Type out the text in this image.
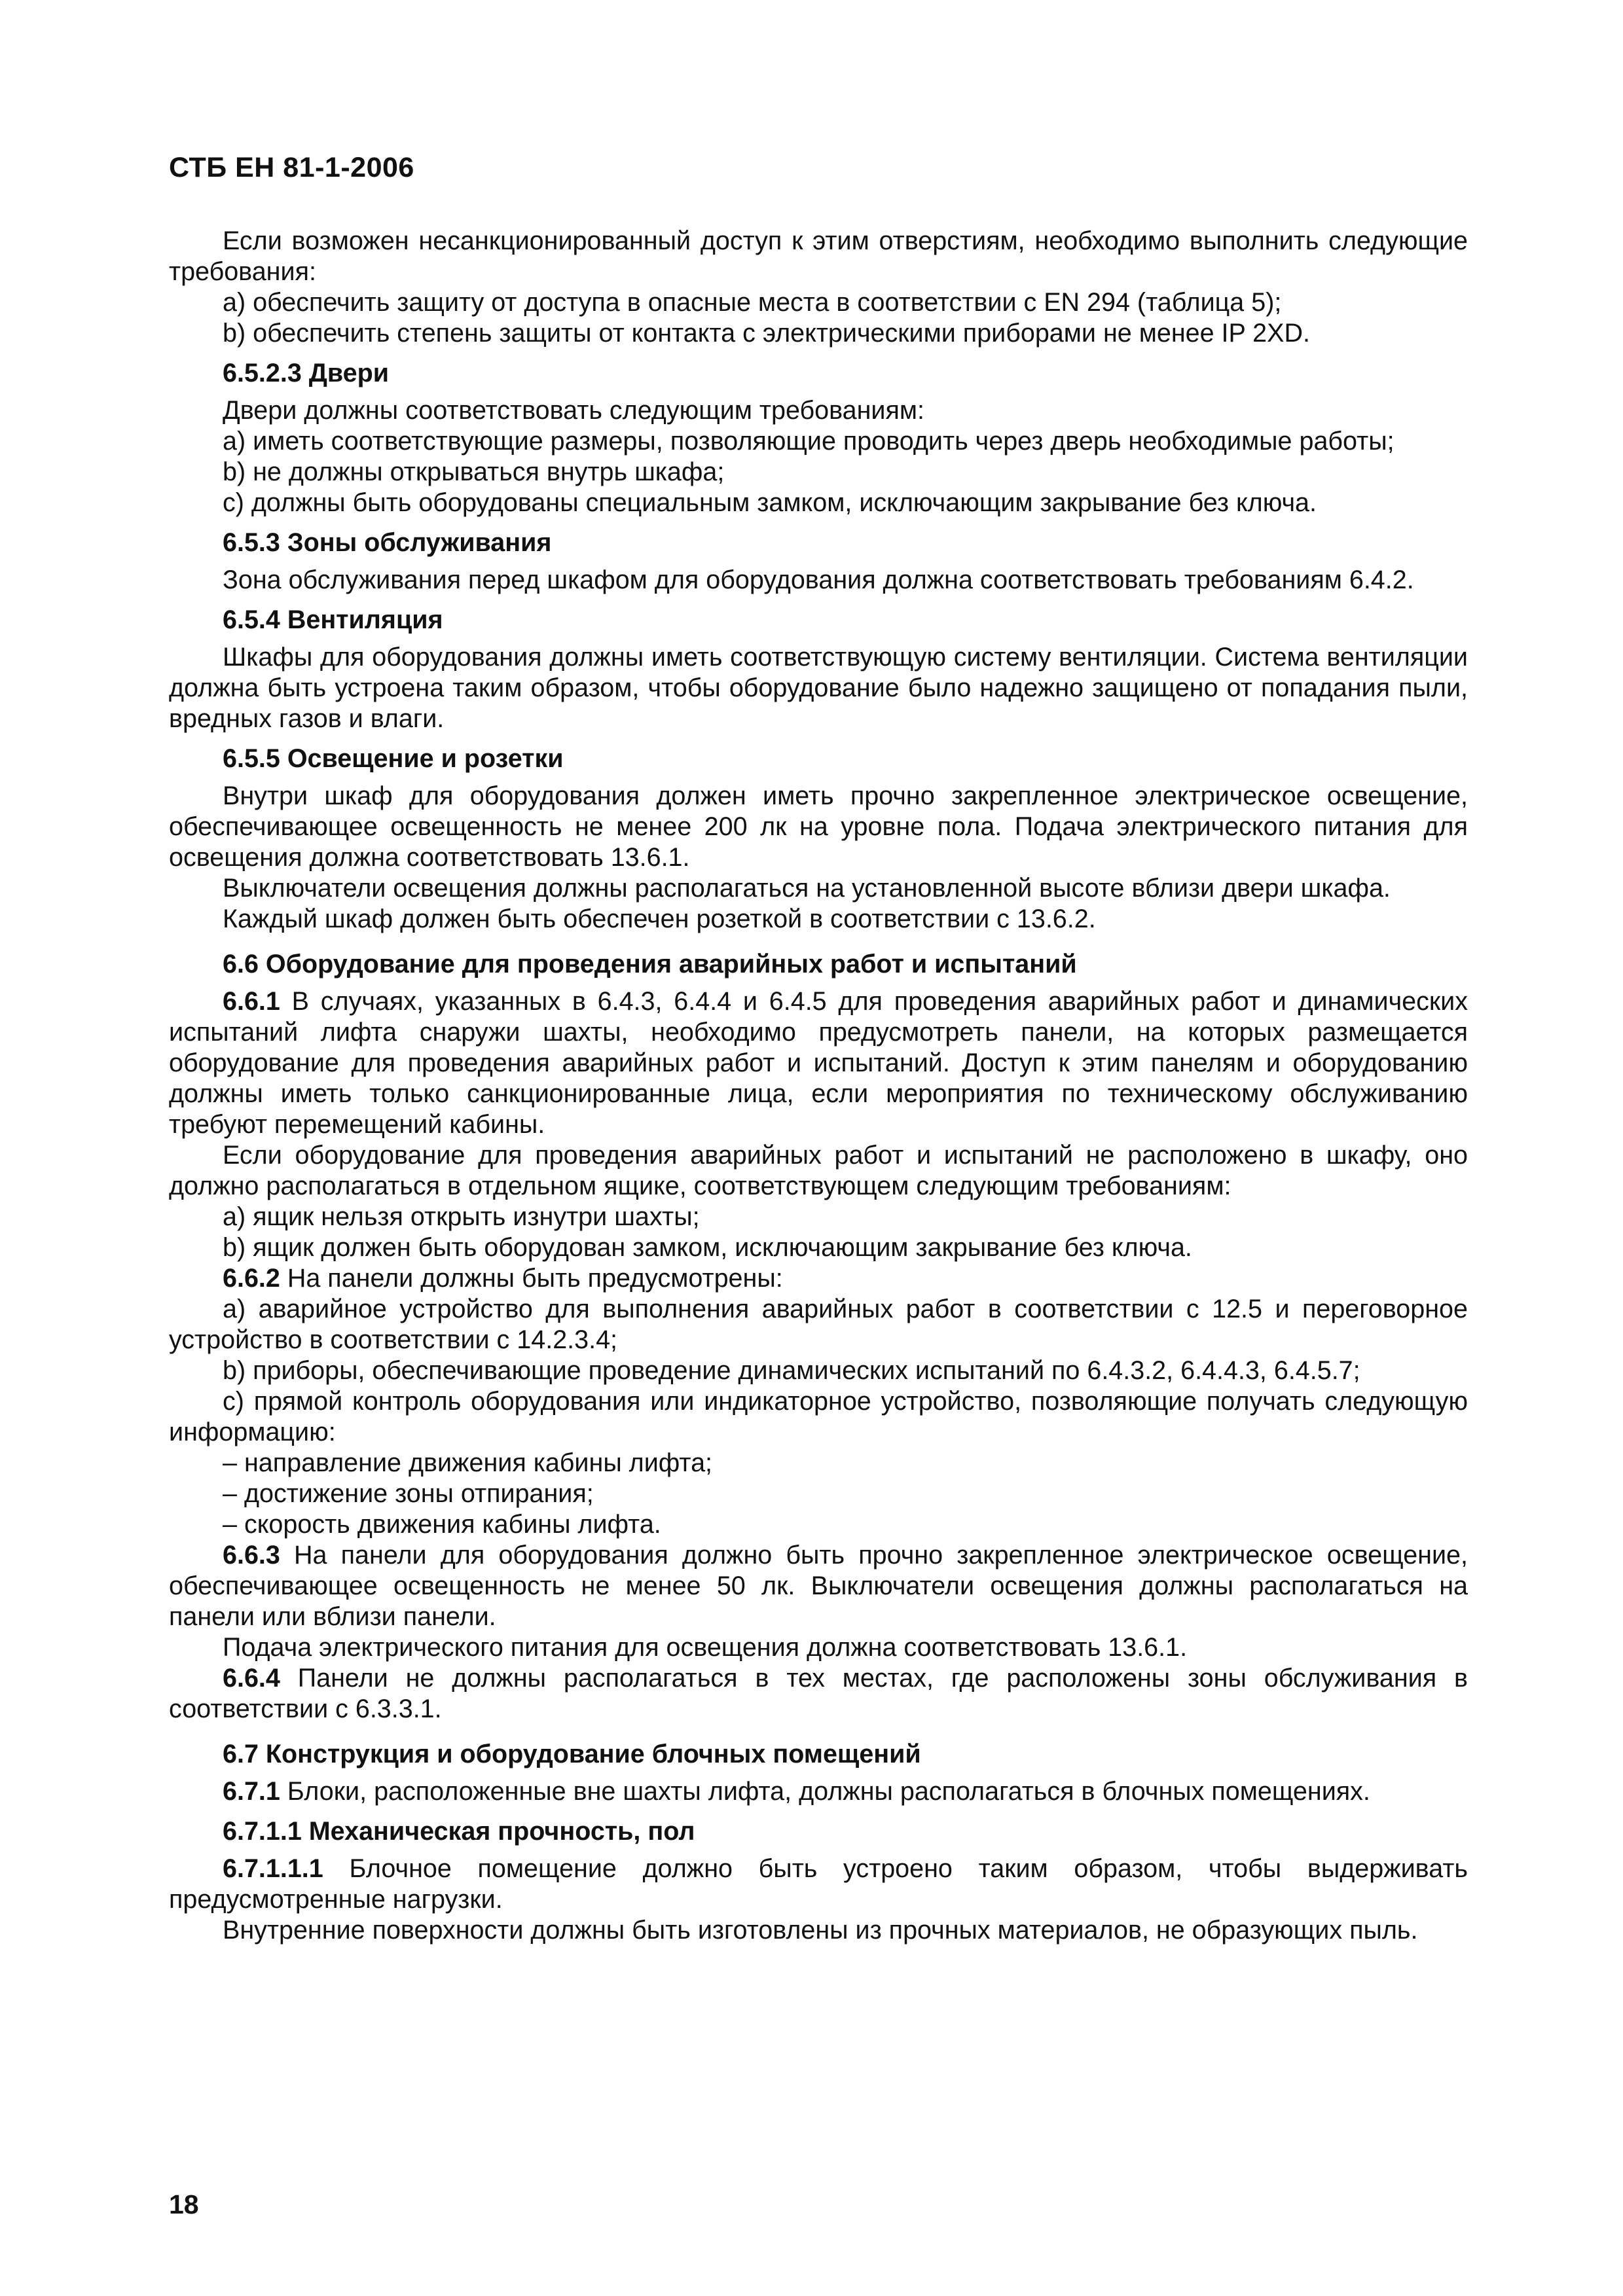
СТБ ЕН 81-1-2006

Если возможен несанкционированный доступ к этим отверстиям, необходимо выполнить следующие требования:

a) обеспечить защиту от доступа в опасные места в соответствии с EN 294 (таблица 5);

b) обеспечить степень защиты от контакта с электрическими приборами не менее IP 2XD.

6.5.2.3 Двери

Двери должны соответствовать следующим требованиям:

a) иметь соответствующие размеры, позволяющие проводить через дверь необходимые работы;

b) не должны открываться внутрь шкафа;

c) должны быть оборудованы специальным замком, исключающим закрывание без ключа.

6.5.3 Зоны обслуживания

Зона обслуживания перед шкафом для оборудования должна соответствовать требованиям 6.4.2.

6.5.4 Вентиляция

Шкафы для оборудования должны иметь соответствующую систему вентиляции. Система вентиляции должна быть устроена таким образом, чтобы оборудование было надежно защищено от попадания пыли, вредных газов и влаги.

6.5.5 Освещение и розетки

Внутри шкаф для оборудования должен иметь прочно закрепленное электрическое освещение, обеспечивающее освещенность не менее 200 лк на уровне пола. Подача электрического питания для освещения должна соответствовать 13.6.1.

Выключатели освещения должны располагаться на установленной высоте вблизи двери шкафа.

Каждый шкаф должен быть обеспечен розеткой в соответствии с 13.6.2.

6.6 Оборудование для проведения аварийных работ и испытаний

6.6.1 В случаях, указанных в 6.4.3, 6.4.4 и 6.4.5 для проведения аварийных работ и динамических испытаний лифта снаружи шахты, необходимо предусмотреть панели, на которых размещается оборудование для проведения аварийных работ и испытаний. Доступ к этим панелям и оборудованию должны иметь только санкционированные лица, если мероприятия по техническому обслуживанию требуют перемещений кабины.

Если оборудование для проведения аварийных работ и испытаний не расположено в шкафу, оно должно располагаться в отдельном ящике, соответствующем следующим требованиям:

a) ящик нельзя открыть изнутри шахты;

b) ящик должен быть оборудован замком, исключающим закрывание без ключа.

6.6.2 На панели должны быть предусмотрены:

a) аварийное устройство для выполнения аварийных работ в соответствии с 12.5 и переговорное устройство в соответствии с 14.2.3.4;

b) приборы, обеспечивающие проведение динамических испытаний по 6.4.3.2, 6.4.4.3, 6.4.5.7;

c) прямой контроль оборудования или индикаторное устройство, позволяющие получать следующую информацию:

– направление движения кабины лифта;

– достижение зоны отпирания;

– скорость движения кабины лифта.

6.6.3 На панели для оборудования должно быть прочно закрепленное электрическое освещение, обеспечивающее освещенность не менее 50 лк. Выключатели освещения должны располагаться на панели или вблизи панели.

Подача электрического питания для освещения должна соответствовать 13.6.1.

6.6.4 Панели не должны располагаться в тех местах, где расположены зоны обслуживания в соответствии с 6.3.3.1.

6.7 Конструкция и оборудование блочных помещений

6.7.1 Блоки, расположенные вне шахты лифта, должны располагаться в блочных помещениях.

6.7.1.1 Механическая прочность, пол

6.7.1.1.1 Блочное помещение должно быть устроено таким образом, чтобы выдерживать предусмотренные нагрузки.

Внутренние поверхности должны быть изготовлены из прочных материалов, не образующих пыль.

18
